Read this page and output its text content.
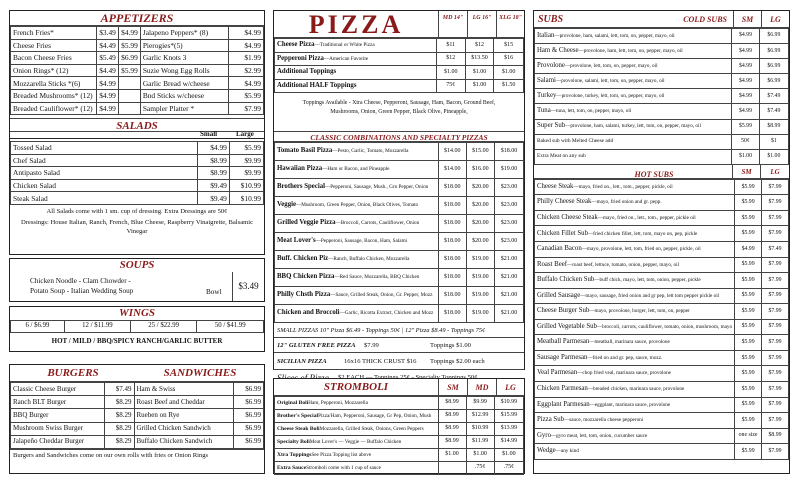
APPETIZERS
French Fries*	$3.49	$4.99	Jalapeno Peppers* (8)	$4.99
Cheese Fries	$4.49	$5.99	Pierogies*(5)	$4.99
Bacon Cheese Fries	$5.49	$6.99	Garlic Knots 3	$1.99
Onion Rings* (12)	$4.49	$5.99	Suzie Wong Egg Rolls	$2.99
Mozzarella Sticks *(6)	$4.99		Garlic Bread w/cheese	$4.99
Breaded Mushrooms* (12)	$4.99		Bnd Sticks w/cheese	$5.99
Breaded Cauliflower* (12)	$4.99		Sampler Platter *	$7.99
SALADS
Small	Large
Tossed Salad	$4.99	$5.99
Chef Salad	$8.99	$9.99
Antipasto Salad	$8.99	$9.99
Chicken Salad	$9.49	$10.99
Steak Salad	$9.49	$10.99
All Salads come with 1 sm. cup of dressing. Extra Dressings are 50¢
Dressings: House Italian, Ranch, French, Blue Cheese, Raspberry Vinaigrette, Balsamic Vinegar
SOUPS
Chicken Noodle - Clam Chowder -
Potato Soup - Italian Wedding Soup	Bowl
$3.49
WINGS
6 / $6.99	12 / $11.99	25 / $22.99	50 / $41.99
HOT / MILD / BBQ/SPICY RANCH/GARLIC BUTTER
BURGERS	SANDWICHES
Classic Cheese Burger	$7.49	Ham & Swiss	$6.99
Ranch BLT Burger	$8.29	Roast Beef and Cheddar	$6.99
BBQ Burger	$8.29	Rueben on Rye	$6.99
Mushroom Swiss Burger	$8.29	Grilled Chicken Sandwich	$6.99
Jalapeño Cheddar Burger	$8.29	Buffalo Chicken Sandwich	$6.99
Burgers and Sandwiches come on our own rolls with fries or Onion Rings
PIZZA	MD 14"	LG 16"	XLG 18"
Cheese Pizza—Traditional or White Pizza	$11	$12	$15
Pepperoni Pizza—American Favorite	$12	$13.50	$16
Additional Toppings	$1.00	$1.00	$1.00
Additional HALF Toppings	75¢	$1.00	$1.50
Toppings Available - Xtra Cheese, Pepperoni, Sausage, Ham, Bacon, Ground Beef, Mushrooms, Onion, Green Pepper, Black Olive, Pineapple,
CLASSIC COMBINATIONS AND SPECIALTY PIZZAS
Tomato Basil Pizza—Pesto, Garlic, Tomato, Mozzarella	$14.00	$15.00	$18.00
Hawaiian Pizza—Ham or Bacon, and Pineapple	$14.00	$16.00	$19.00
Brothers Special—Pepperoni, Sausage, Mush., Grn Pepper, Onion	$18.00	$20.00	$23.00
Veggie—Mushroom, Green Pepper, Onion, Black Olives, Tomato	$18.00	$20.00	$23.00
Grilled Veggie Pizza—Broccoli, Carrots, Cauliflower, Onion	$18.00	$20.00	$23.00
Meat Lover's—Pepperoni, Sausage, Bacon, Ham, Salami	$18.00	$20.00	$23.00
Buff. Chicken Piz—Ranch, Buffalo Chicken, Mozzarella	$18.00	$19.00	$21.00
BBQ Chicken Pizza—Red Sauce, Mozzarella, BBQ Chicken	$18.00	$19.00	$21.00
Philly Chsth Pizza—Sauce, Grilled Steak, Onion, Gr. Pepper, Mozz	$18.00	$19.00	$21.00
Chicken and Broccoli—Garlic, Ricotta Extract, Chicken and Mozz	$18.00	$19.00	$21.00
SMALL PIZZAS 10" Pizza $6.49 - Toppings 50¢ | 12" Pizza $8.49 - Toppings 75¢
12" GLUTEN FREE PIZZA	$7.99	Toppings $1.00
SICILIAN PIZZA	16x16 THICK CRUST $16	Toppings $2.00 each
STROMBOLI	SM	MD	LG
Original BoliHam, Pepperoni, Mozzarella	$8.99	$9.99	$10.99
Brother's SpecialPizza/Ham, Pepperoni, Sausage, Gr Pep, Onion, Mush	$8.99	$12.99	$15.99
Cheese Steak BoliMozzarella, Grilled Steak, Onions, Green Peppers	$8.99	$10.99	$13.99
Specialty BoliMeat Lover's — Veggie — Buffalo Chicken	$8.99	$11.99	$14.99
Xtra ToppingsSee Pizza Topping list above	$1.00	$1.00	$1.00
Extra SauceStromboli come with 1 cup of sauce		.75¢	.75¢
SUBS	COLD SUBS	SM	LG
Italian—provolone, ham, salami, lett, tom, on, pepper, mayo, oil	$4.99	$6.99
Ham & Cheese—provolone, ham, lett, tom, on, pepper, mayo, oil	$4.99	$6.99
Provolone—provolone, lett, tom, on, pepper, mayo, oil	$4.99	$6.99
Salami—provolone, salami, lett, tom, on, pepper, mayo, oil	$4.99	$6.99
Turkey—provolone, turkey, lett, tom, on, pepper, mayo, oil	$4.99	$7.49
Tuna—tuna, lett, tom, on, pepper, mayo, oil	$4.99	$7.49
Super Sub—provolone, ham, salami, turkey, lett, tom, on, pepper, mayo, oil	$5.99	$8.99
Baked sub with Melted Cheese add	50¢	$1
Extra Meat on any sub	$1.00	$1.00
SM	LG
HOT SUBS
Cheese Steak—mayo, fried on., lett., tom., pepper, pickle, oil	$5.99	$7.99
Philly Cheese Steak—mayo, fried onion and gr. pepp.	$5.99	$7.99
Chicken Cheese Steak—mayo, fried on., lett., tom., pepper, pickle oil	$5.99	$7.99
Chicken Fillet Sub—fried chicken fillet, lett, tom, mayo on, pep, pickle	$5.99	$7.99
Canadian Bacon—mayo, provolone, lett, tom, fried on, pepper, pickle, oil	$4.99	$7.49
Roast Beef—roast beef, lettuce, tomato, onion, pepper, mayo, oil	$5.99	$7.99
Buffalo Chicken Sub—buff chick, mayo, lett, tom, onion, pepper, pickle	$5.99	$7.99
Grilled Sausage—mayo, sausage, fried onion and gr pep, lett tom pepper pickle oil	$5.99	$7.99
Cheese Burger Sub—mayo, provolone, burger, lett, tom, on, pepper	$5.99	$7.99
Grilled Vegetable Sub—broccoli, carrots, cauliflower, tomato, onion, mushroom, mayo	$5.99	$7.99
Meatball Parmesan—meatball, marinara sauce, provolone	$5.99	$7.99
Sausage Parmesan—fried on and gr. pep, sauce, mozz.	$5.99	$7.99
Veal Parmesan—chop fried veal, marinara sauce, provolone	$5.99	$7.99
Chicken Parmesan—breaded chicken, marinara sauce, provolone	$5.99	$7.99
Eggplant Parmesan—eggplant, marinara sauce, provolone	$5.99	$7.99
Pizza Sub—sauce, mozzarella cheese pepperoni	$5.99	$7.99
Gyro—gyro meat, lett, tom, onion, cucumber sauce	one size	$8.99
Wedge—any kind	$5.99	$7.99
